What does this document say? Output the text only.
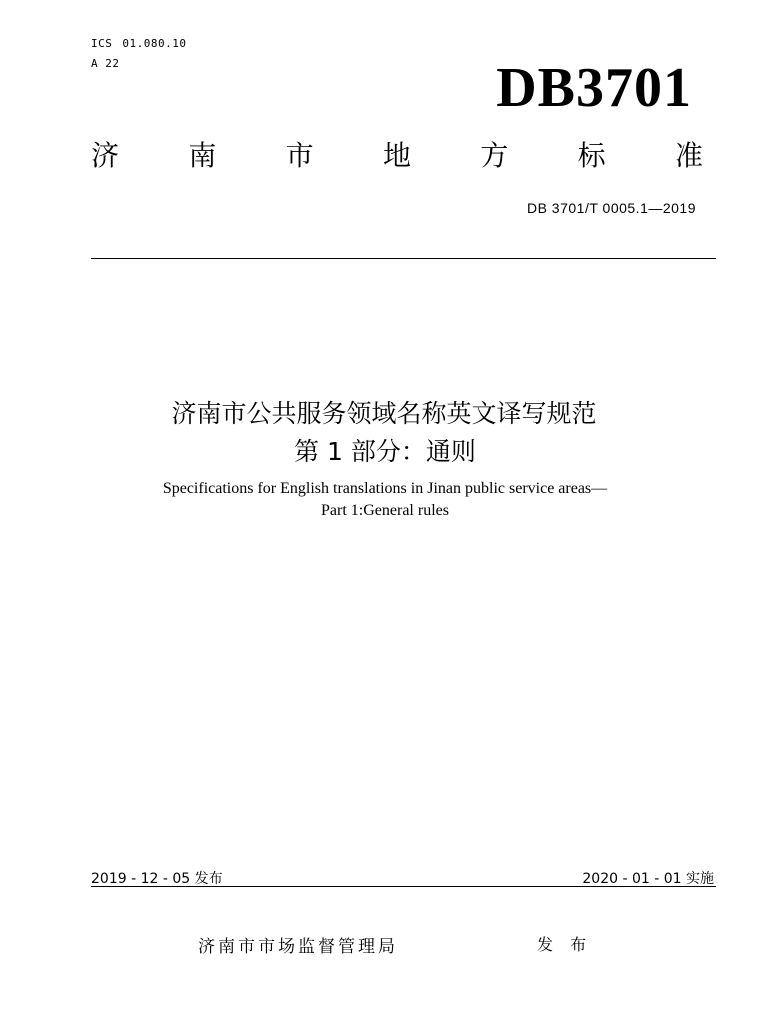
ICS 01.080.10
A 22	DB3701
济 南 市 地 方 标 准
DB 3701/T 0005.1—2019
济南市公共服务领域名称英文译写规范
第 1 部分：通则
Specifications for English translations in Jinan public service areas—
Part 1:General rules
2019 - 12 - 05 发布	2020 - 01 - 01 实施
济南市市场监督管理局	发 布
